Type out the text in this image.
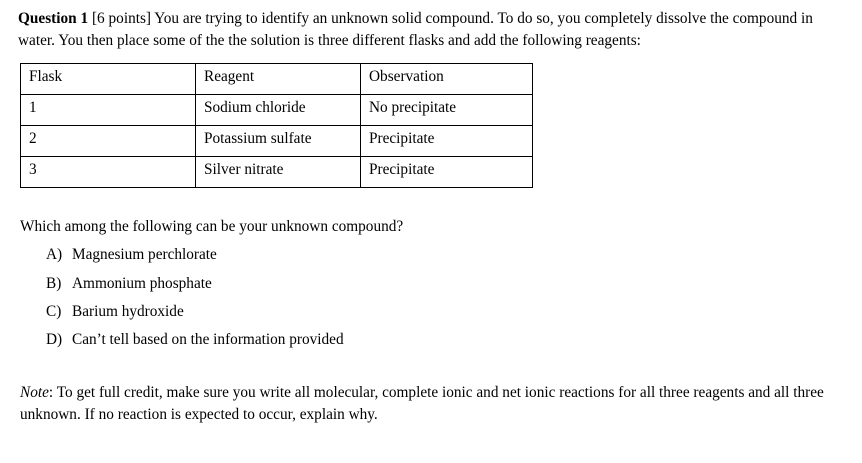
Question 1 [6 points] You are trying to identify an unknown solid compound. To do so, you completely dissolve the compound in water. You then place some of the the solution is three different flasks and add the following reagents:

Flask	Reagent	Observation
1	Sodium chloride	No precipitate
2	Potassium sulfate	Precipitate
3	Silver nitrate	Precipitate

Which among the following can be your unknown compound?

A) Magnesium perchlorate
B) Ammonium phosphate
C) Barium hydroxide
D) Can’t tell based on the information provided

Note: To get full credit, make sure you write all molecular, complete ionic and net ionic reactions for all three reagents and all three unknown. If no reaction is expected to occur, explain why.
